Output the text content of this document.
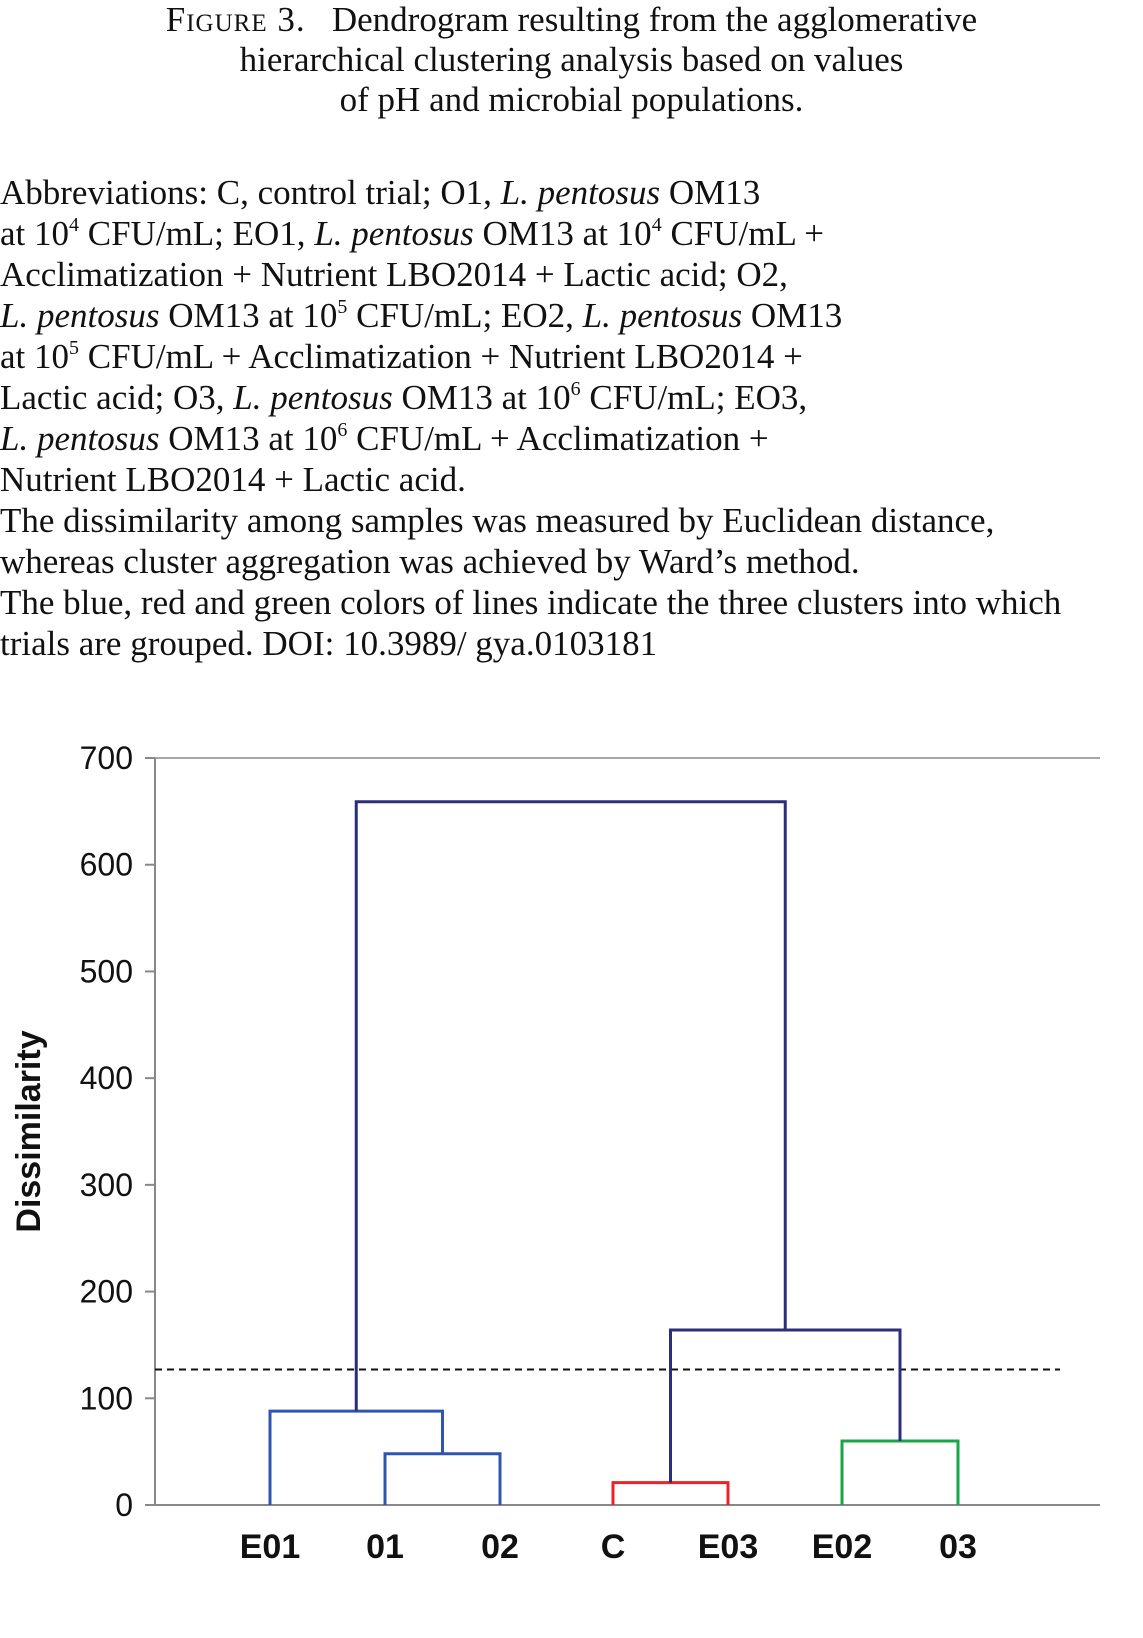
Figure 3. Dendrogram resulting from the agglomerative
hierarchical clustering analysis based on values
of pH and microbial populations.

Abbreviations: C, control trial; O1, L. pentosus OM13
at $10^4$ CFU/mL; EO1, L. pentosus OM13 at $10^4$ CFU/mL +
Acclimatization + Nutrient LBO2014 + Lactic acid; O2,
L. pentosus OM13 at $10^5$ CFU/mL; EO2, L. pentosus OM13
at $10^5$ CFU/mL + Acclimatization + Nutrient LBO2014 +
Lactic acid; O3, L. pentosus OM13 at $10^6$ CFU/mL; EO3,
L. pentosus OM13 at $10^6$ CFU/mL + Acclimatization +
Nutrient LBO2014 + Lactic acid.

The dissimilarity among samples was measured by Euclidean distance, whereas cluster aggregation was achieved by Ward’s method.

The blue, red and green colors of lines indicate the three clusters into which trials are grouped. DOI: 10.3989/ gya.0103181

0
100
200
300
400
500
600
700
Dissimilarity
E01 01 02 C E03 E02 03
